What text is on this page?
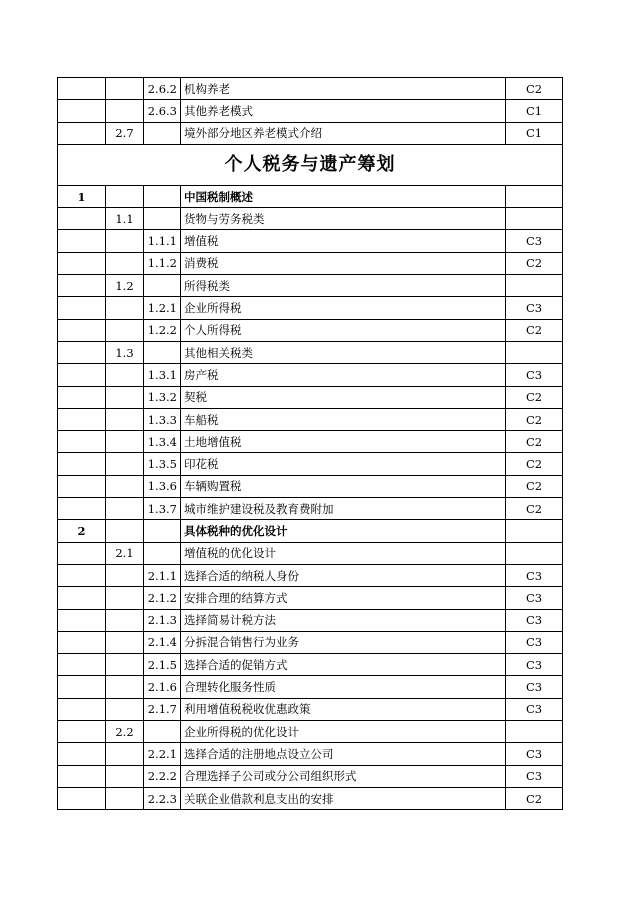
		2.6.2	机构养老	C2
		2.6.3	其他养老模式	C1
	2.7		境外部分地区养老模式介绍	C1
个人税务与遗产筹划				
1			中国税制概述	
	1.1		货物与劳务税类	
		1.1.1	增值税	C3
		1.1.2	消费税	C2
	1.2		所得税类	
		1.2.1	企业所得税	C3
		1.2.2	个人所得税	C2
	1.3		其他相关税类	
		1.3.1	房产税	C3
		1.3.2	契税	C2
		1.3.3	车船税	C2
		1.3.4	土地增值税	C2
		1.3.5	印花税	C2
		1.3.6	车辆购置税	C2
		1.3.7	城市维护建设税及教育费附加	C2
2			具体税种的优化设计	
	2.1		增值税的优化设计	
		2.1.1	选择合适的纳税人身份	C3
		2.1.2	安排合理的结算方式	C3
		2.1.3	选择简易计税方法	C3
		2.1.4	分拆混合销售行为业务	C3
		2.1.5	选择合适的促销方式	C3
		2.1.6	合理转化服务性质	C3
		2.1.7	利用增值税税收优惠政策	C3
	2.2		企业所得税的优化设计	
		2.2.1	选择合适的注册地点设立公司	C3
		2.2.2	合理选择子公司或分公司组织形式	C3
		2.2.3	关联企业借款利息支出的安排	C2
